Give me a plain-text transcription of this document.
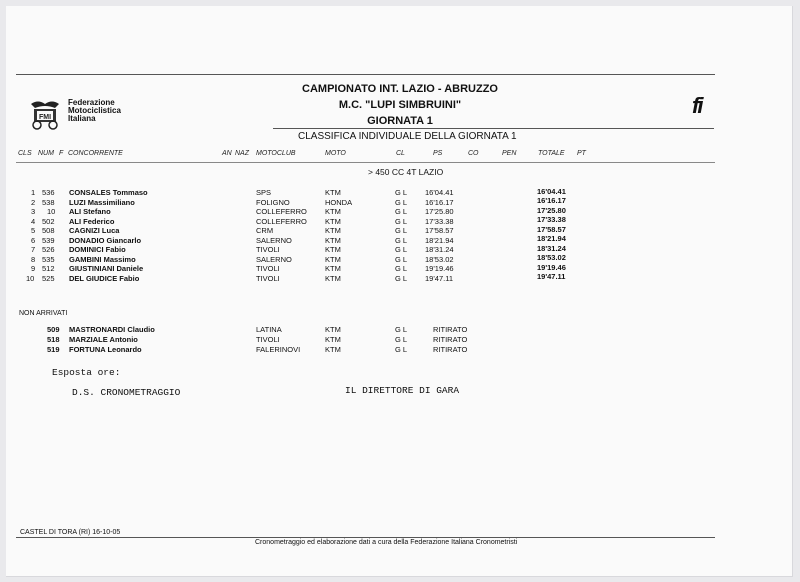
FMI
Federazione
Motociclistica
Italiana
fi
CAMPIONATO INT. LAZIO - ABRUZZO
M.C. "LUPI SIMBRUINI"
GIORNATA 1
CLASSIFICA INDIVIDUALE DELLA GIORNATA 1
CLS NUM F CONCORRENTE	AN NAZ MOTOCLUB	MOTO	CL	PS	CO	PEN	TOTALE PT
> 450 CC 4T LAZIO
1 536 CONSALES Tommaso	SPS	KTM	G L 16'04.41	16'04.41
2 538 LUZI Massimiliano	FOLIGNO	HONDA	G L 16'16.17	16'16.17
3 10 ALI Stefano	COLLEFERRO KTM	G L 17'25.80	17'25.80
4 502 ALI Federico	COLLEFERRO KTM	G L 17'33.38	17'33.38
5 508 CAGNIZI Luca	CRM	KTM	G L 17'58.57	17'58.57
6 539 DONADIO Giancarlo	SALERNO	KTM	G L 18'21.94	18'21.94
7 526 DOMINICI Fabio	TIVOLI	KTM	G L 18'31.24	18'31.24
8 535 GAMBINI Massimo	SALERNO	KTM	G L 18'53.02	18'53.02
9 512 GIUSTINIANI Daniele	TIVOLI	KTM	G L 19'19.46	19'19.46
10 525 DEL GIUDICE Fabio	TIVOLI	KTM	G L 19'47.11	19'47.11
NON ARRIVATI
509 MASTRONARDI Claudio	LATINA	KTM	G L	RITIRATO
518 MARZIALE Antonio	TIVOLI	KTM	G L	RITIRATO
519 FORTUNA Leonardo	FALERINOVI	KTM	G L	RITIRATO
Esposta ore:
D.S. CRONOMETRAGGIO	IL DIRETTORE DI GARA
CASTEL DI TORA (RI) 16-10-05
Cronometraggio ed elaborazione dati a cura della Federazione Italiana Cronometristi
